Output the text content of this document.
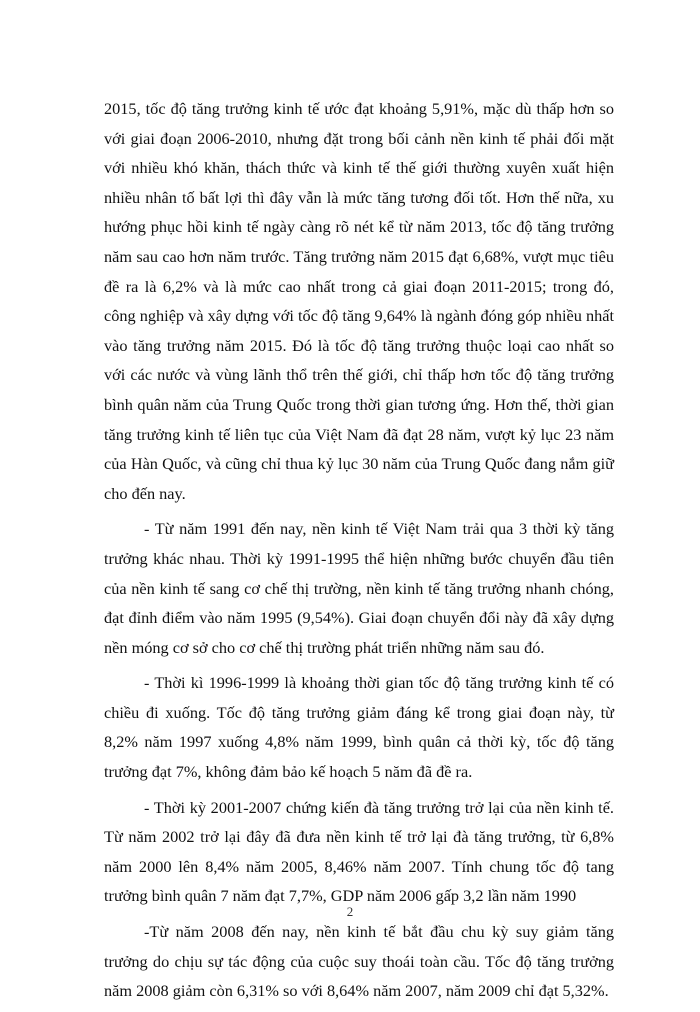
2015, tốc độ tăng trưởng kinh tế ước đạt khoảng 5,91%, mặc dù thấp hơn so với giai đoạn 2006-2010, nhưng đặt trong bối cảnh nền kinh tế phải đối mặt với nhiều khó khăn, thách thức và kinh tế thế giới thường xuyên xuất hiện nhiều nhân tố bất lợi thì đây vẫn là mức tăng tương đối tốt. Hơn thế nữa, xu hướng phục hồi kinh tế ngày càng rõ nét kể từ năm 2013, tốc độ tăng trưởng năm sau cao hơn năm trước. Tăng trưởng năm 2015 đạt 6,68%, vượt mục tiêu đề ra là 6,2% và là mức cao nhất trong cả giai đoạn 2011-2015; trong đó, công nghiệp và xây dựng với tốc độ tăng 9,64% là ngành đóng góp nhiều nhất vào tăng trưởng năm 2015. Đó là tốc độ tăng trưởng thuộc loại cao nhất so với các nước và vùng lãnh thổ trên thế giới, chỉ thấp hơn tốc độ tăng trưởng bình quân năm của Trung Quốc trong thời gian tương ứng. Hơn thế, thời gian tăng trưởng kinh tế liên tục của Việt Nam đã đạt 28 năm, vượt kỷ lục 23 năm của Hàn Quốc, và cũng chỉ thua kỷ lục 30 năm của Trung Quốc đang nắm giữ cho đến nay.

- Từ năm 1991 đến nay, nền kinh tế Việt Nam trải qua 3 thời kỳ tăng trưởng khác nhau. Thời kỳ 1991-1995 thể hiện những bước chuyển đầu tiên của nền kinh tế sang cơ chế thị trường, nền kinh tế tăng trưởng nhanh chóng, đạt đỉnh điểm vào năm 1995 (9,54%). Giai đoạn chuyển đổi này đã xây dựng nền móng cơ sở cho cơ chế thị trường phát triển những năm sau đó.

- Thời kì 1996-1999 là khoảng thời gian tốc độ tăng trưởng kinh tế có chiều đi xuống. Tốc độ tăng trưởng giảm đáng kể trong giai đoạn này, từ 8,2% năm 1997 xuống 4,8% năm 1999, bình quân cả thời kỳ, tốc độ tăng trưởng đạt 7%, không đảm bảo kế hoạch 5 năm đã đề ra.

- Thời kỳ 2001-2007 chứng kiến đà tăng trưởng trở lại của nền kinh tế. Từ năm 2002 trở lại đây đã đưa nền kinh tế trở lại đà tăng trưởng, từ 6,8% năm 2000 lên 8,4% năm 2005, 8,46% năm 2007. Tính chung tốc độ tang trưởng bình quân 7 năm đạt 7,7%, GDP năm 2006 gấp 3,2 lần năm 1990

-Từ năm 2008 đến nay, nền kinh tế bắt đầu chu kỳ suy giảm tăng trưởng do chịu sự tác động của cuộc suy thoái toàn cầu. Tốc độ tăng trưởng năm 2008 giảm còn 6,31% so với 8,64% năm 2007, năm 2009 chỉ đạt 5,32%.

2
